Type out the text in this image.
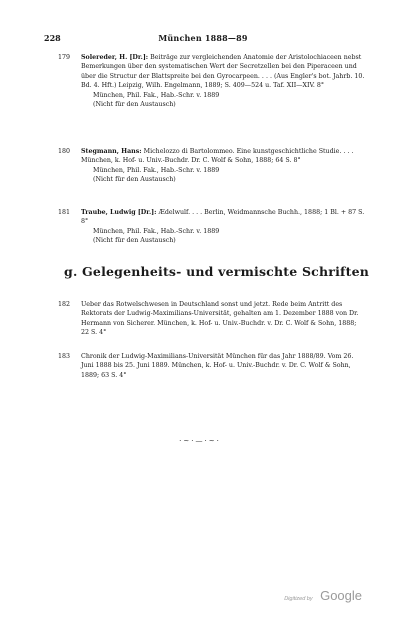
228	München 1888—89
179 Solereder, H. [Dr.]: Beiträge zur vergleichenden Anatomie der Aristolochiaceen nebst Bemerkungen über den systematischen Wert der Secretzellen bei den Piperaceen und über die Structur der Blattspreite bei den Gyrocarpeen. . . . (Aus Engler's bot. Jahrb. 10. Bd. 4. Hft.) Leipzig, Wilh. Engelmann, 1889; S. 409—524 u. Taf. XII—XIV. 8°
München, Phil. Fak., Hab.-Schr. v. 1889
(Nicht für den Austausch)
180 Stegmann, Hans: Michelozzo di Bartolommeo. Eine kunstgeschichtliche Studie. . . . München, k. Hof- u. Univ.-Buchdr. Dr. C. Wolf & Sohn, 1888; 64 S. 8°
München, Phil. Fak., Hab.-Schr. v. 1889
(Nicht für den Austausch)
181 Traube, Ludwig [Dr.]: Ædelwulf. . . . Berlin, Weidmannsche Buchh., 1888; 1 Bl. + 87 S. 8°
München, Phil. Fak., Hab.-Schr. v. 1889
(Nicht für den Austausch)
g. Gelegenheits- und vermischte Schriften
182 Ueber das Rotwelschwesen in Deutschland sonst und jetzt. Rede beim Antritt des Rektorats der Ludwig-Maximilians-Universität, gehalten am 1. Dezember 1888 von Dr. Hermann von Sicherer. München, k. Hof- u. Univ.-Buchdr. v. Dr. C. Wolf & Sohn, 1888; 22 S. 4°
183 Chronik der Ludwig-Maximilians-Universität München für das Jahr 1888/89. Vom 26. Juni 1888 bis 25. Juni 1889. München, k. Hof- u. Univ.-Buchdr. v. Dr. C. Wolf & Sohn, 1889; 63 S. 4°
·~·—·~·
Digitized by Google
